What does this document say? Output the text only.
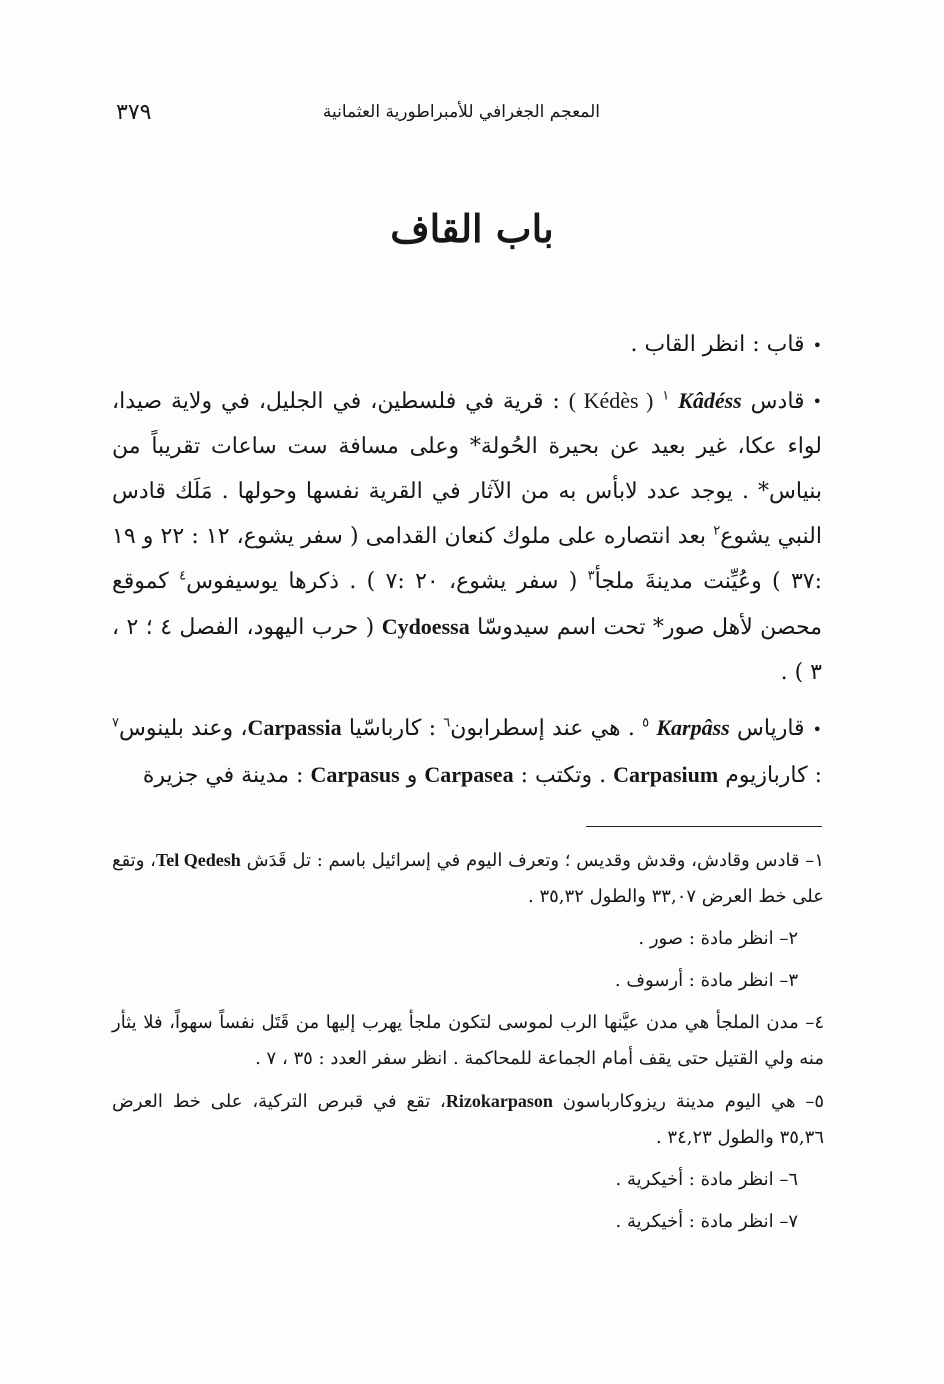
المعجم الجغرافي للأمبراطورية العثمانية
٣٧٩
باب القاف

•قاب : انظر القاب .

•قادس Kâdéss $^١$ ( Kédès ) : قرية في فلسطين، في الجليل، في ولاية صيدا، لواء عكا، غير بعيد عن بحيرة الحُولة* وعلى مسافة ست ساعات تقريباً من بنياس* . يوجد عدد لابأس به من الآثار في القرية نفسها وحولها . مَلَك قادس النبي يشوع$^٢$ بعد انتصاره على ملوك كنعان القدامى ( سفر يشوع، ١٢ : ٢٢ و ١٩ :٣٧ ) وعُيِّنت مدينةَ ملجأ$^٣$ ( سفر يشوع، ٢٠ :٧ ) . ذكرها يوسيفوس$^٤$ كموقع محصن لأهل صور* تحت اسم سيدوسّا Cydoessa ( حرب اليهود، الفصل ٤ ؛ ٢ ، ٣ ) .

•قارپاس Karpâss $^٥$ . هي عند إسطرابون$^٦$ : كارباسّيا Carpassia، وعند بلينوس$^٧$ : كاربازيوم Carpasium . وتكتب : Carpasea و Carpasus : مدينة في جزيرة

١– قادس وقادش، وقدش وقديس ؛ وتعرف اليوم في إسرائيل باسم : تل قَدَش Tel Qedesh، وتقع على خط العرض ٣٣,٠٧ والطول ٣٥,٣٢ .

٢– انظر مادة : صور .

٣– انظر مادة : أرسوف .

٤– مدن الملجأ هي مدن عيَّنها الرب لموسى لتكون ملجأ يهرب إليها من قَتَل نفساً سهواً، فلا يثأر منه ولي القتيل حتى يقف أمام الجماعة للمحاكمة . انظر سفر العدد : ٣٥ ، ٧ .

٥– هي اليوم مدينة ريزوكارباسون Rizokarpason، تقع في قبرص التركية، على خط العرض ٣٥,٣٦ والطول ٣٤,٢٣ .

٦– انظر مادة : أخيكرية .

٧– انظر مادة : أخيكرية .
